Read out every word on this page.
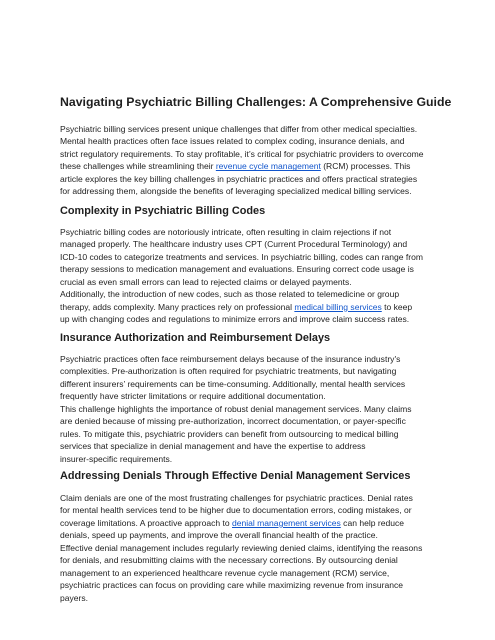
Navigating Psychiatric Billing Challenges: A Comprehensive Guide

Psychiatric billing services present unique challenges that differ from other medical specialties.
Mental health practices often face issues related to complex coding, insurance denials, and
strict regulatory requirements. To stay profitable, it’s critical for psychiatric providers to overcome
these challenges while streamlining their revenue cycle management (RCM) processes. This
article explores the key billing challenges in psychiatric practices and offers practical strategies
for addressing them, alongside the benefits of leveraging specialized medical billing services.

Complexity in Psychiatric Billing Codes

Psychiatric billing codes are notoriously intricate, often resulting in claim rejections if not
managed properly. The healthcare industry uses CPT (Current Procedural Terminology) and
ICD-10 codes to categorize treatments and services. In psychiatric billing, codes can range from
therapy sessions to medication management and evaluations. Ensuring correct code usage is
crucial as even small errors can lead to rejected claims or delayed payments.
Additionally, the introduction of new codes, such as those related to telemedicine or group
therapy, adds complexity. Many practices rely on professional medical billing services to keep
up with changing codes and regulations to minimize errors and improve claim success rates.

Insurance Authorization and Reimbursement Delays

Psychiatric practices often face reimbursement delays because of the insurance industry's
complexities. Pre-authorization is often required for psychiatric treatments, but navigating
different insurers’ requirements can be time-consuming. Additionally, mental health services
frequently have stricter limitations or require additional documentation.
This challenge highlights the importance of robust denial management services. Many claims
are denied because of missing pre-authorization, incorrect documentation, or payer-specific
rules. To mitigate this, psychiatric providers can benefit from outsourcing to medical billing
services that specialize in denial management and have the expertise to address
insurer-specific requirements.

Addressing Denials Through Effective Denial Management Services

Claim denials are one of the most frustrating challenges for psychiatric practices. Denial rates
for mental health services tend to be higher due to documentation errors, coding mistakes, or
coverage limitations. A proactive approach to denial management services can help reduce
denials, speed up payments, and improve the overall financial health of the practice.
Effective denial management includes regularly reviewing denied claims, identifying the reasons
for denials, and resubmitting claims with the necessary corrections. By outsourcing denial
management to an experienced healthcare revenue cycle management (RCM) service,
psychiatric practices can focus on providing care while maximizing revenue from insurance
payers.
